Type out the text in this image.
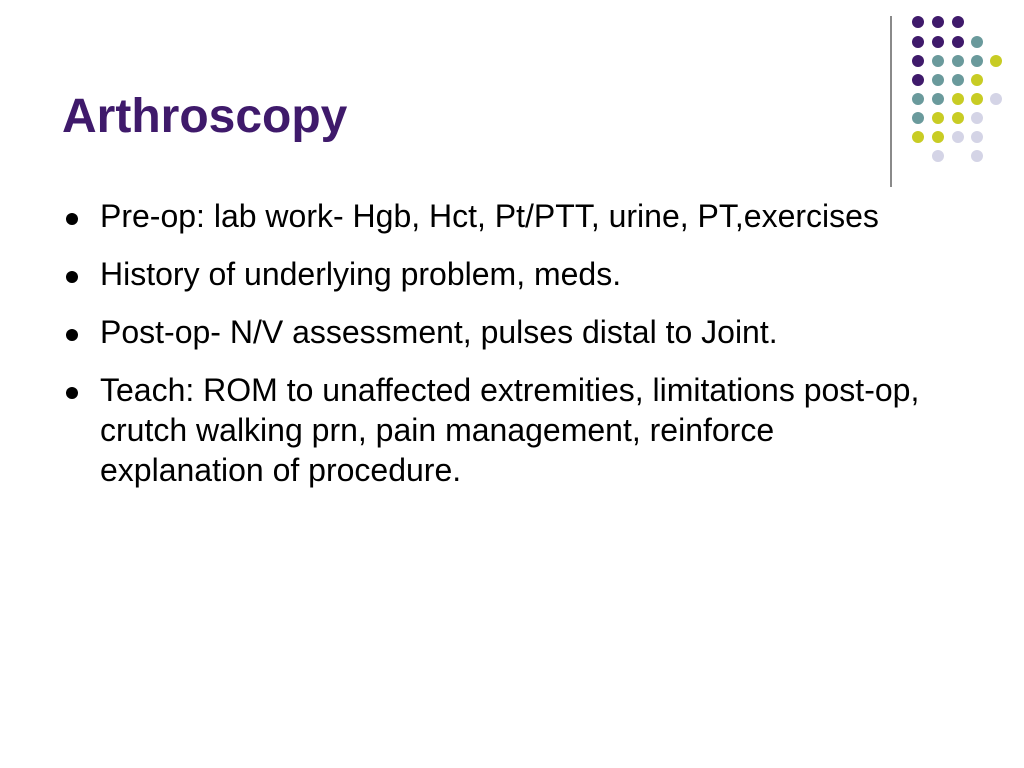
Arthroscopy
Pre-op: lab work- Hgb, Hct, Pt/PTT, urine, PT,exercises
History of underlying problem, meds.
Post-op- N/V assessment, pulses distal to Joint.
Teach: ROM to unaffected extremities, limitations post-op, crutch walking prn, pain management, reinforce explanation of procedure.
